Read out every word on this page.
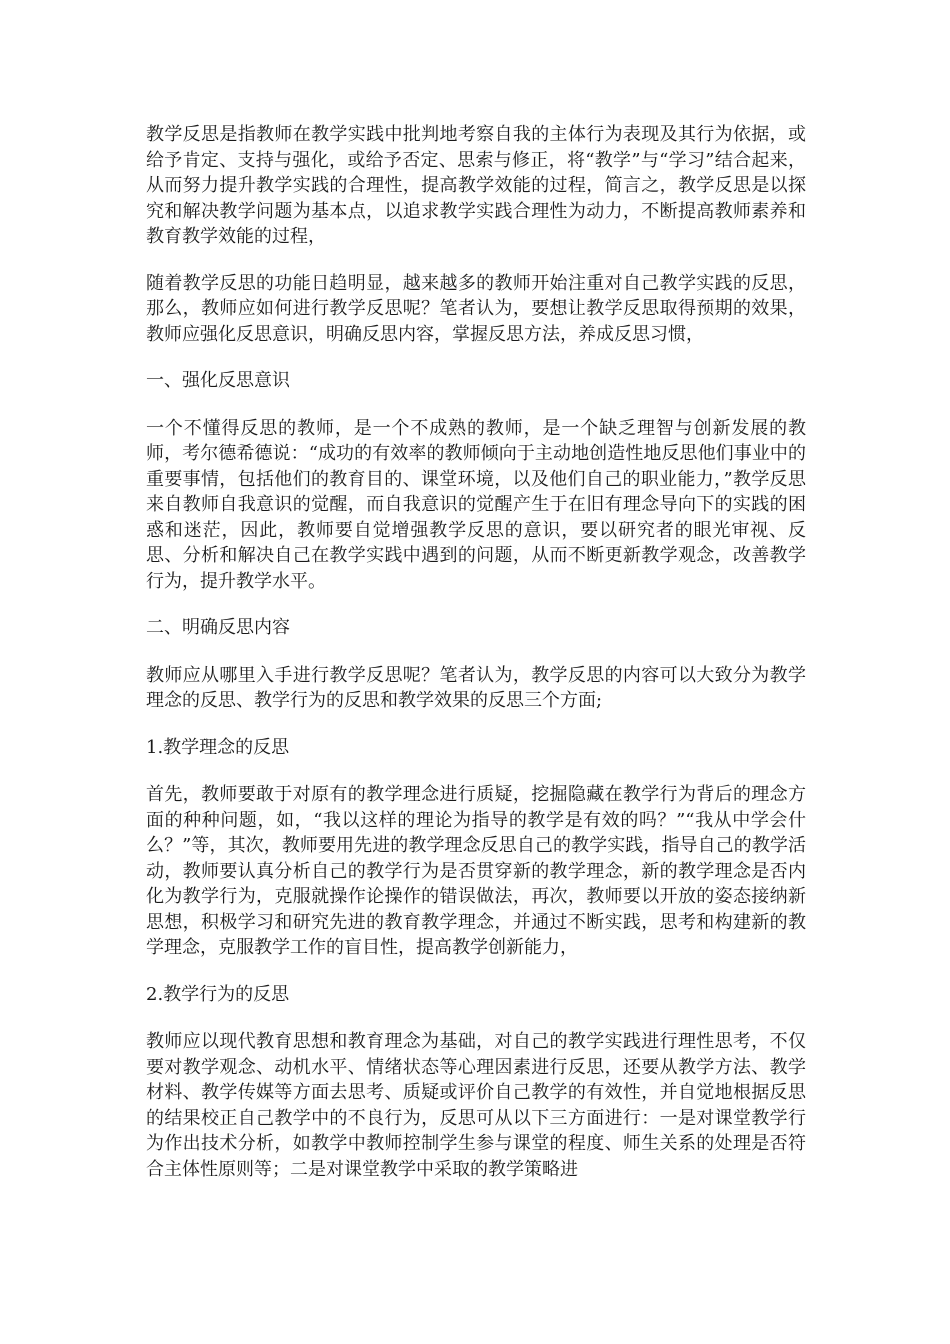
教学反思是指教师在教学实践中批判地考察自我的主体行为表现及其行为依据，或给予肯定、支持与强化，或给予否定、思索与修正，将“教学”与“学习”结合起来，从而努力提升教学实践的合理性，提高教学效能的过程，简言之，教学反思是以探究和解决教学问题为基本点，以追求教学实践合理性为动力，不断提高教师素养和教育教学效能的过程，

随着教学反思的功能日趋明显，越来越多的教师开始注重对自己教学实践的反思，那么，教师应如何进行教学反思呢？笔者认为，要想让教学反思取得预期的效果，教师应强化反思意识，明确反思内容，掌握反思方法，养成反思习惯，

一、强化反思意识

一个不懂得反思的教师，是一个不成熟的教师，是一个缺乏理智与创新发展的教师，考尔德希德说：“成功的有效率的教师倾向于主动地创造性地反思他们事业中的重要事情，包括他们的教育目的、课堂环境，以及他们自己的职业能力，”教学反思来自教师自我意识的觉醒，而自我意识的觉醒产生于在旧有理念导向下的实践的困惑和迷茫，因此，教师要自觉增强教学反思的意识，要以研究者的眼光审视、反思、分析和解决自己在教学实践中遇到的问题，从而不断更新教学观念，改善教学行为，提升教学水平。

二、明确反思内容

教师应从哪里入手进行教学反思呢？笔者认为，教学反思的内容可以大致分为教学理念的反思、教学行为的反思和教学效果的反思三个方面;

1.教学理念的反思

首先，教师要敢于对原有的教学理念进行质疑，挖掘隐藏在教学行为背后的理念方面的种种问题，如，“我以这样的理论为指导的教学是有效的吗？”“我从中学会什么？”等，其次，教师要用先进的教学理念反思自己的教学实践，指导自己的教学活动，教师要认真分析自己的教学行为是否贯穿新的教学理念，新的教学理念是否内化为教学行为，克服就操作论操作的错误做法，再次，教师要以开放的姿态接纳新思想，积极学习和研究先进的教育教学理念，并通过不断实践，思考和构建新的教学理念，克服教学工作的盲目性，提高教学创新能力，

2.教学行为的反思

教师应以现代教育思想和教育理念为基础，对自己的教学实践进行理性思考，不仅要对教学观念、动机水平、情绪状态等心理因素进行反思，还要从教学方法、教学材料、教学传媒等方面去思考、质疑或评价自己教学的有效性，并自觉地根据反思的结果校正自己教学中的不良行为，反思可从以下三方面进行：一是对课堂教学行为作出技术分析，如教学中教师控制学生参与课堂的程度、师生关系的处理是否符合主体性原则等；二是对课堂教学中采取的教学策略进
